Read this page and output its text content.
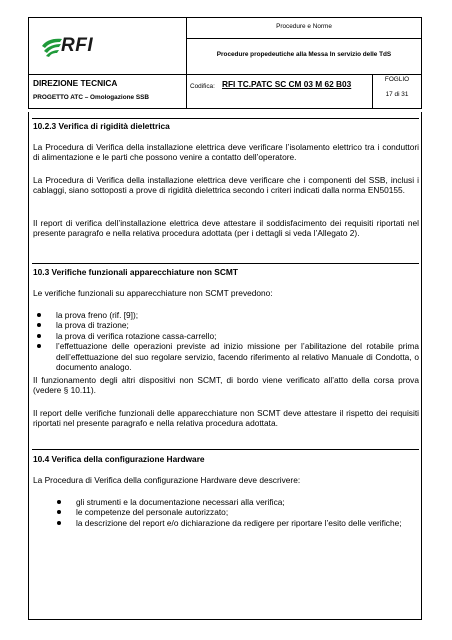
RFI
Procedure e Norme
Procedure propedeutiche alla Messa In servizio delle TdS
DIREZIONE TECNICA
PROGETTO ATC – Omologazione SSB
Codifica: RFI TC.PATC SC CM 03 M 62 B03	FOGLIO
17 di 31
10.2.3 Verifica di rigidità dielettrica
La Procedura di Verifica della installazione elettrica deve verificare l’isolamento elettrico tra i conduttori di alimentazione e le parti che possono venire a contatto dell’operatore.
La Procedura di Verifica della installazione elettrica deve verificare che i componenti del SSB, inclusi i cablaggi, siano sottoposti a prove di rigidità dielettrica secondo i criteri indicati dalla norma EN50155.
Il report di verifica dell’installazione elettrica deve attestare il soddisfacimento dei requisiti riportati nel presente paragrafo e nella relativa procedura adottata (per i dettagli si veda l’Allegato 2).
10.3 Verifiche funzionali apparecchiature non SCMT
Le verifiche funzionali su apparecchiature non SCMT prevedono:
la prova freno (rif. [9]);
la prova di trazione;
la prova di verifica rotazione cassa-carrello;
l’effettuazione delle operazioni previste ad inizio missione per l’abilitazione del rotabile prima dell’effettuazione del suo regolare servizio, facendo riferimento al relativo Manuale di Condotta, o documento analogo.
Il funzionamento degli altri dispositivi non SCMT, di bordo viene verificato all’atto della corsa prova (vedere § 10.11).
Il report delle verifiche funzionali delle apparecchiature non SCMT deve attestare il rispetto dei requisiti riportati nel presente paragrafo e nella relativa procedura adottata.
10.4 Verifica della configurazione Hardware
La Procedura di Verifica della configurazione Hardware deve descrivere:
gli strumenti e la documentazione necessari alla verifica;
le competenze del personale autorizzato;
la descrizione del report e/o dichiarazione da redigere per riportare l’esito delle verifiche;
